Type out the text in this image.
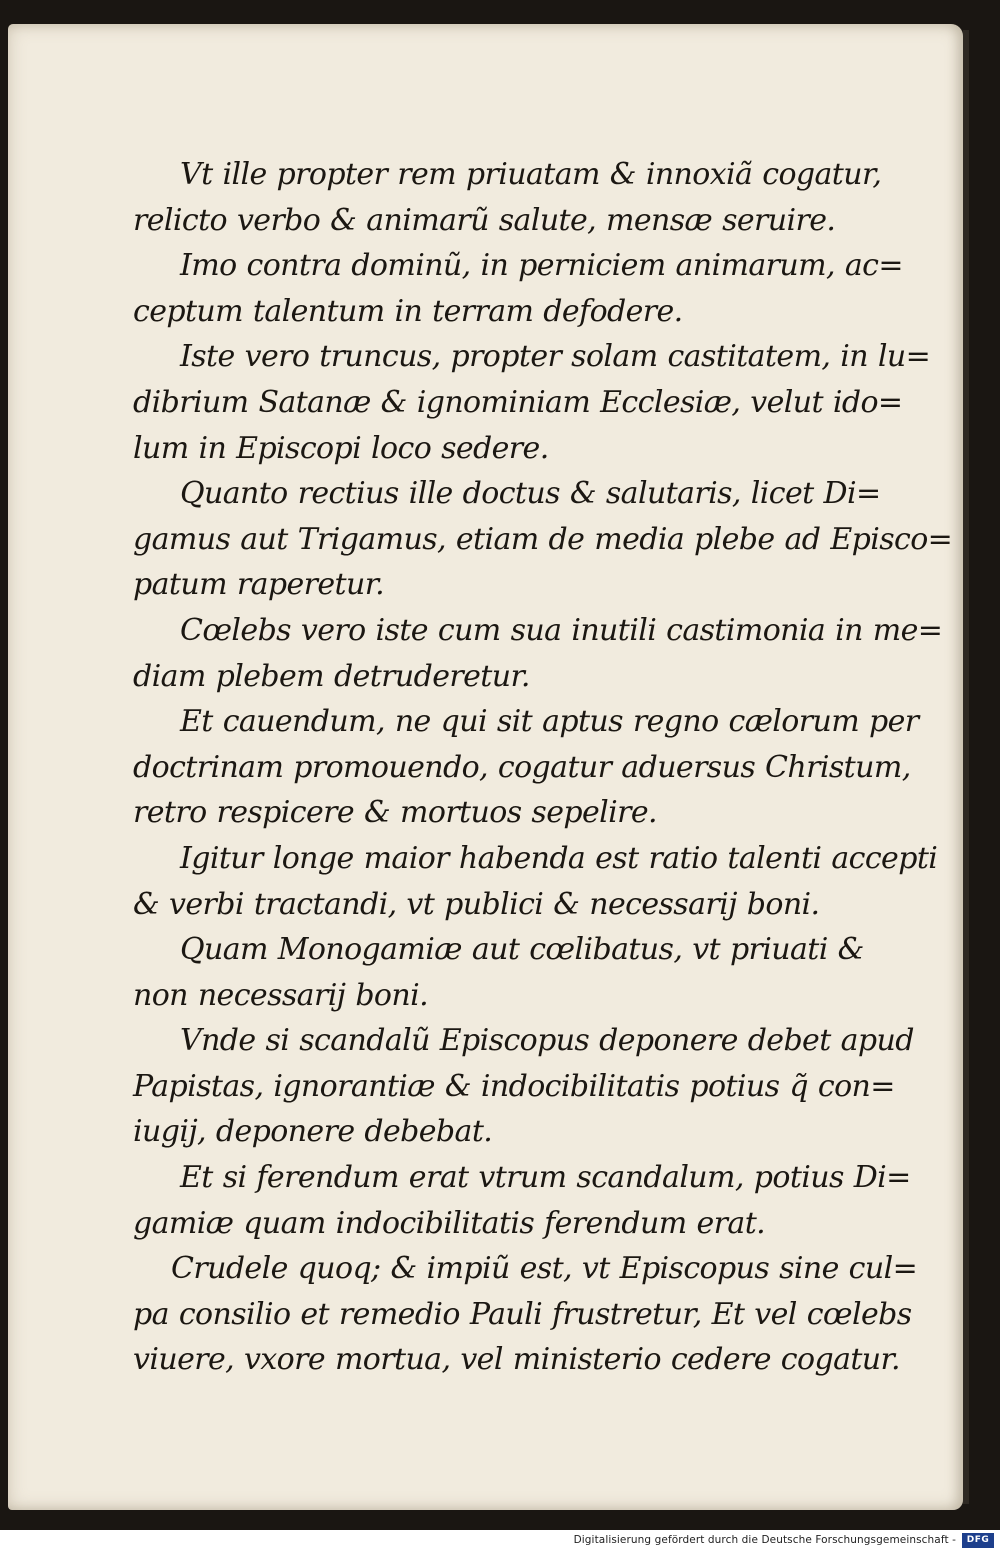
Vt ille propter rem priuatam & innoxiã cogatur,
relicto verbo & animarũ salute, mensæ seruire.
Imo contra dominũ, in perniciem animarum, ac=
ceptum talentum in terram defodere.
Iste vero truncus, propter solam castitatem, in lu=
dibrium Satanæ & ignominiam Ecclesiæ, velut ido=
lum in Episcopi loco sedere.
Quanto rectius ille doctus & salutaris, licet Di=
gamus aut Trigamus, etiam de media plebe ad Episco=
patum raperetur.
Cœlebs vero iste cum sua inutili castimonia in me=
diam plebem detruderetur.
Et cauendum, ne qui sit aptus regno cælorum per
doctrinam promouendo, cogatur aduersus Christum,
retro respicere & mortuos sepelire.
Igitur longe maior habenda est ratio talenti accepti
& verbi tractandi, vt publici & necessarij boni.
Quam Monogamiæ aut cœlibatus, vt priuati &
non necessarij boni.
Vnde si scandalũ Episcopus deponere debet apud
Papistas, ignorantiæ & indocibilitatis potius q̃ con=
iugij, deponere debebat.
Et si ferendum erat vtrum scandalum, potius Di=
gamiæ quam indocibilitatis ferendum erat.
Crudele quoq; & impiũ est, vt Episcopus sine cul=
pa consilio et remedio Pauli frustretur, Et vel cœlebs
viuere, vxore mortua, vel ministerio cedere cogatur.
Digitalisierung gefördert durch die Deutsche Forschungsgemeinschaft -	DFG
